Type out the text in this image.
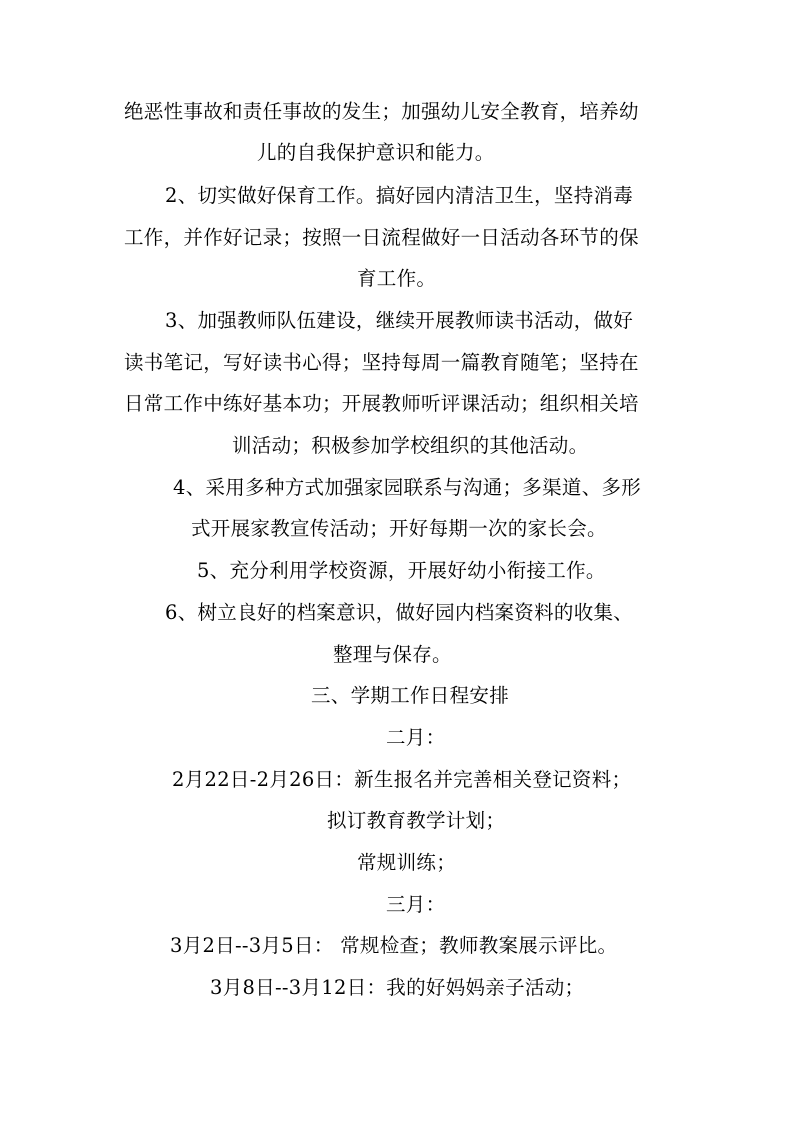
绝恶性事故和责任事故的发生；加强幼儿安全教育，培养幼
儿的自我保护意识和能力。
2、切实做好保育工作。搞好园内清洁卫生，坚持消毒
工作，并作好记录；按照一日流程做好一日活动各环节的保
育工作。
3、加强教师队伍建设，继续开展教师读书活动，做好
读书笔记，写好读书心得；坚持每周一篇教育随笔；坚持在
日常工作中练好基本功；开展教师听评课活动；组织相关培
训活动；积极参加学校组织的其他活动。
4、采用多种方式加强家园联系与沟通；多渠道、多形
式开展家教宣传活动；开好每期一次的家长会。
5、充分利用学校资源，开展好幼小衔接工作。
6、树立良好的档案意识，做好园内档案资料的收集、
整理与保存。
三、学期工作日程安排
二月：
2月22日-2月26日：新生报名并完善相关登记资料；
拟订教育教学计划；
常规训练；
三月：
3月2日--3月5日： 常规检查；教师教案展示评比。
3月8日--3月12日：我的好妈妈亲子活动；
